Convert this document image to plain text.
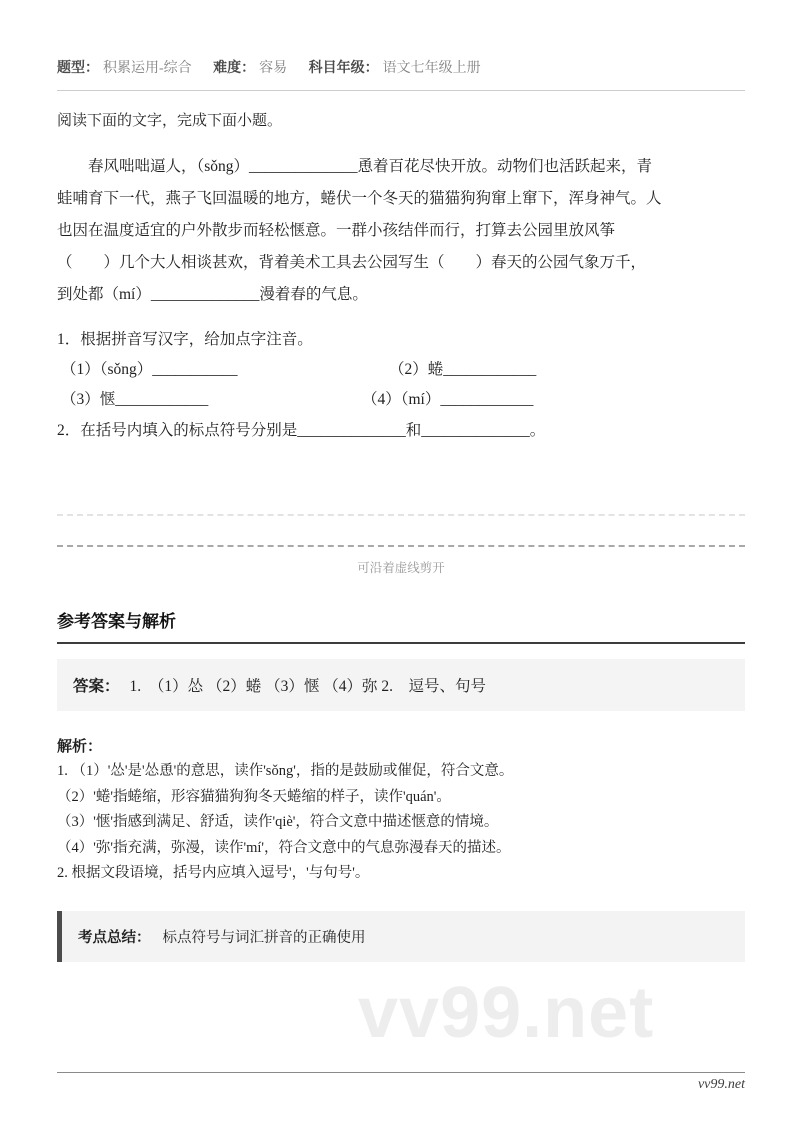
vv99.net
题型： 积累运用-综合 难度： 容易 科目年级： 语文七年级上册

阅读下面的文字，完成下面小题。

春风咄咄逼人，（sǒng）______________恿着百花尽快开放。动物们也活跃起来，青
蛙哺育下一代，燕子飞回温暖的地方，蜷伏一个冬天的猫猫狗狗窜上窜下，浑身神气。人
也因在温度适宜的户外散步而轻松惬意。一群小孩结伴而行，打算去公园里放风筝
（　　）几个大人相谈甚欢，背着美术工具去公园写生（　　）春天的公园气象万千，
到处都（mí）______________漫着春的气息。
1．根据拼音写汉字，给加点字注音。
（1）（sǒng）___________	（2）蜷____________
（3）惬____________	（4）（mí）____________
2．在括号内填入的标点符号分别是______________和______________。
可沿着虚线剪开
参考答案与解析
答案： 1.　（1）怂 （2）蜷 （3）惬 （4）弥 2.　逗号、句号
解析：
1. （1）'怂'是'怂恿'的意思，读作'sǒng'，指的是鼓励或催促，符合文意。
（2）'蜷'指蜷缩，形容猫猫狗狗冬天蜷缩的样子，读作'quán'。
（3）'惬'指感到满足、舒适，读作'qiè'，符合文意中描述惬意的情境。
（4）'弥'指充满，弥漫，读作'mí'，符合文意中的气息弥漫春天的描述。
2. 根据文段语境，括号内应填入逗号'，'与句号'。
考点总结： 标点符号与词汇拼音的正确使用
vv99.net
